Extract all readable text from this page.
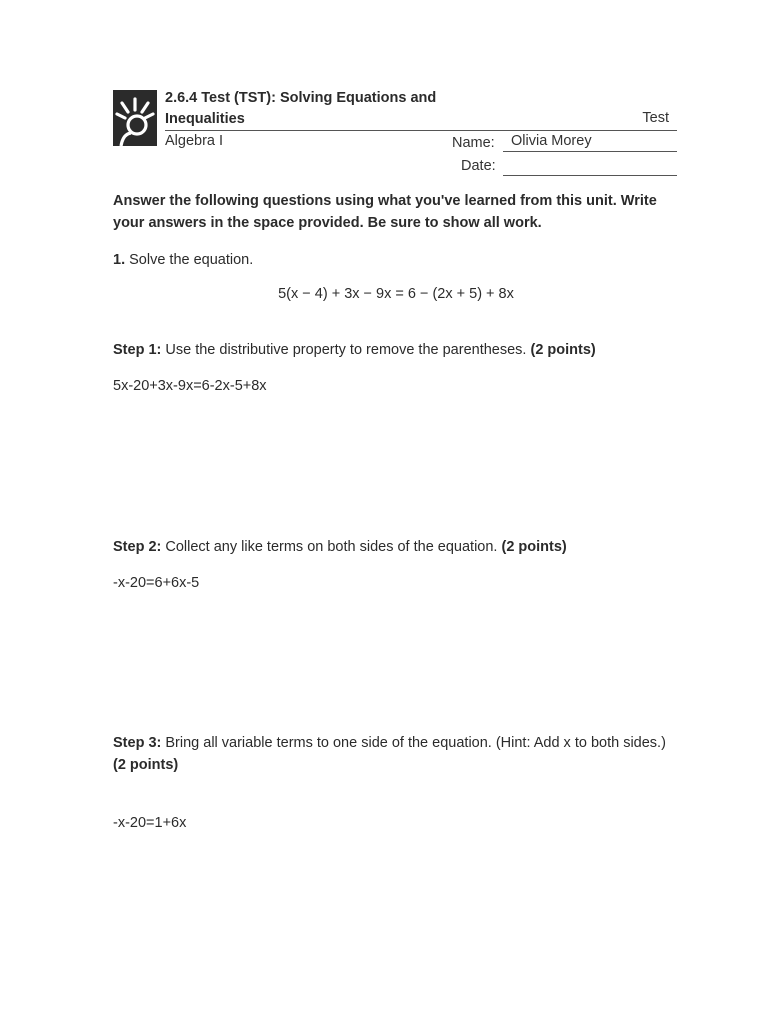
2.6.4 Test (TST): Solving Equations and Inequalities	Test
Algebra I	Name:	Olivia Morey
Date:
Answer the following questions using what you've learned from this unit. Write your answers in the space provided. Be sure to show all work.
1. Solve the equation.
5(x − 4) + 3x − 9x = 6 − (2x + 5) + 8x
Step 1: Use the distributive property to remove the parentheses. (2 points)
5x-20+3x-9x=6-2x-5+8x
Step 2: Collect any like terms on both sides of the equation. (2 points)
-x-20=6+6x-5
Step 3: Bring all variable terms to one side of the equation. (Hint: Add x to both sides.) (2 points)
-x-20=1+6x
